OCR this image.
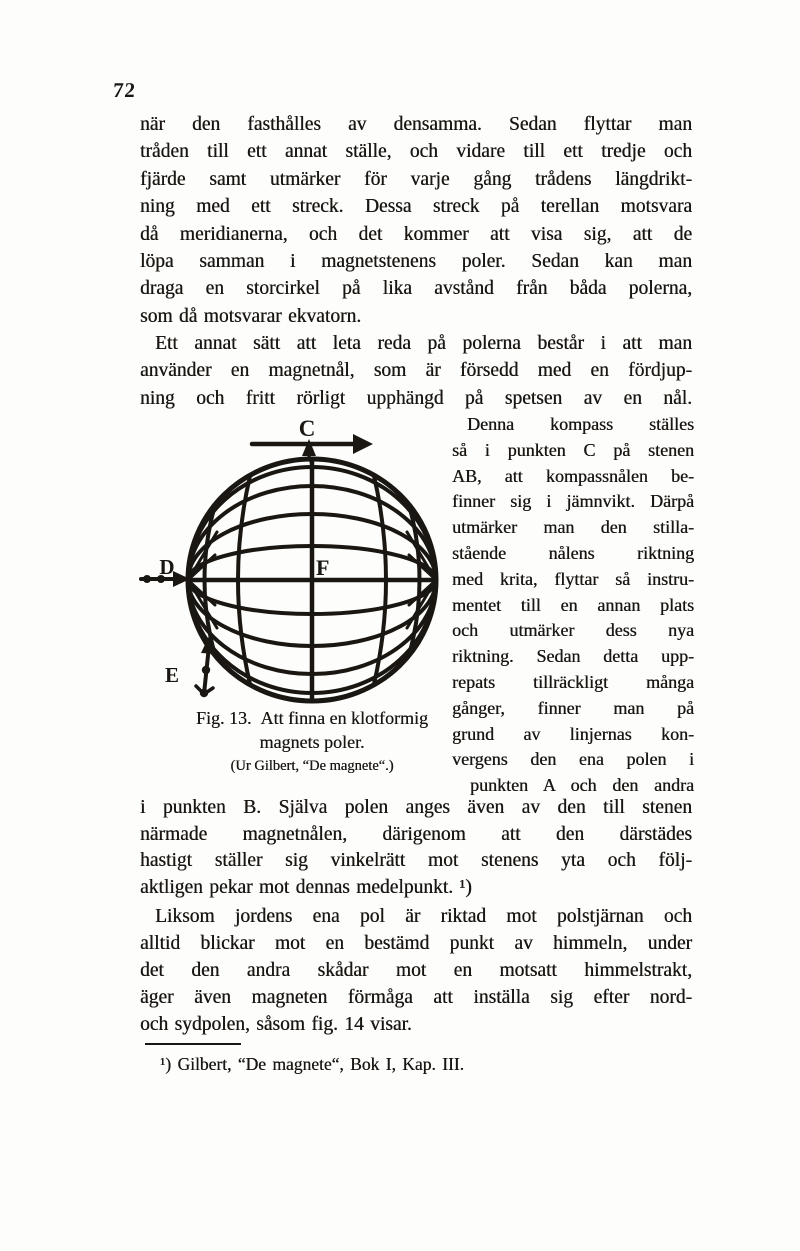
72
när den fasthålles av densamma. Sedan flyttar man
tråden till ett annat ställe, och vidare till ett tredje och
fjärde samt utmärker för varje gång trådens längdrikt-
ning med ett streck. Dessa streck på terellan motsvara
då meridianerna, och det kommer att visa sig, att de
löpa samman i magnetstenens poler. Sedan kan man
draga en storcirkel på lika avstånd från båda polerna,
som då motsvarar ekvatorn.
Ett annat sätt att leta reda på polerna består i att man
använder en magnetnål, som är försedd med en fördjup-
ning och fritt rörligt upphängd på spetsen av en nål.
C
D
E
F
Fig. 13. Att finna en klotformig
magnets poler.
(Ur Gilbert, “De magnete“.)
Denna kompass ställes
så i punkten C på stenen
AB, att kompassnålen be-
finner sig i jämnvikt. Därpå
utmärker man den stilla-
stående nålens riktning
med krita, flyttar så instru-
mentet till en annan plats
och utmärker dess nya
riktning. Sedan detta upp-
repats tillräckligt många
gånger, finner man på
grund av linjernas kon-
vergens den ena polen i
punkten A och den andra
i punkten B. Själva polen anges även av den till stenen
närmade magnetnålen, därigenom att den därstädes
hastigt ställer sig vinkelrätt mot stenens yta och följ-
aktligen pekar mot dennas medelpunkt. ¹)
Liksom jordens ena pol är riktad mot polstjärnan och
alltid blickar mot en bestämd punkt av himmeln, under
det den andra skådar mot en motsatt himmelstrakt,
äger även magneten förmåga att inställa sig efter nord-
och sydpolen, såsom fig. 14 visar.
¹) Gilbert, “De magnete“, Bok I, Kap. III.
